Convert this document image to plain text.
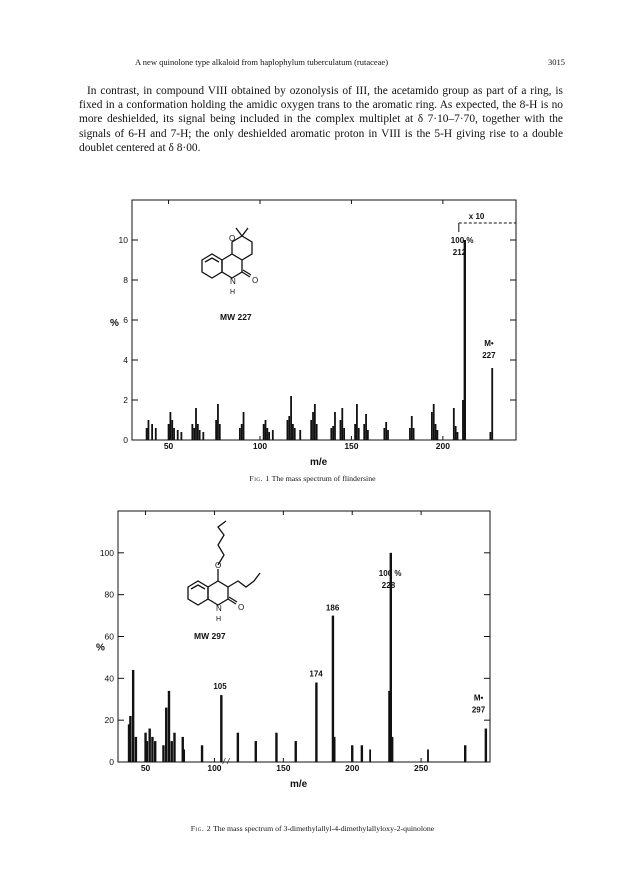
A new quinolone type alkaloid from haplophylum tuberculatum (rutaceae)	3015

In contrast, in compound VIII obtained by ozonolysis of III, the acetamido group as part of a ring, is fixed in a conformation holding the amidic oxygen trans to the aromatic ring. As expected, the 8-H is no more deshielded, its signal being included in the complex multiplet at δ 7·10–7·70, together with the signals of 6-H and 7-H; the only deshielded aromatic proton in VIII is the 5-H giving rise to a double doublet centered at δ 8·00.

0
2
4
6
8
10
50	100	150	200
%
m/e
x 10
100 %
212
M•
227
N
H
O
O
MW 227
Fig. 1 The mass spectrum of flindersine
0
20
40
60
80
100
50	100	150	200	250
/ /
%
m/e
100 %
228
186
174
105
M•
297
N
H
O
O
MW 297
Fig. 2 The mass spectrum of 3-dimethylallyl-4-dimethylallyloxy-2-quinolone
